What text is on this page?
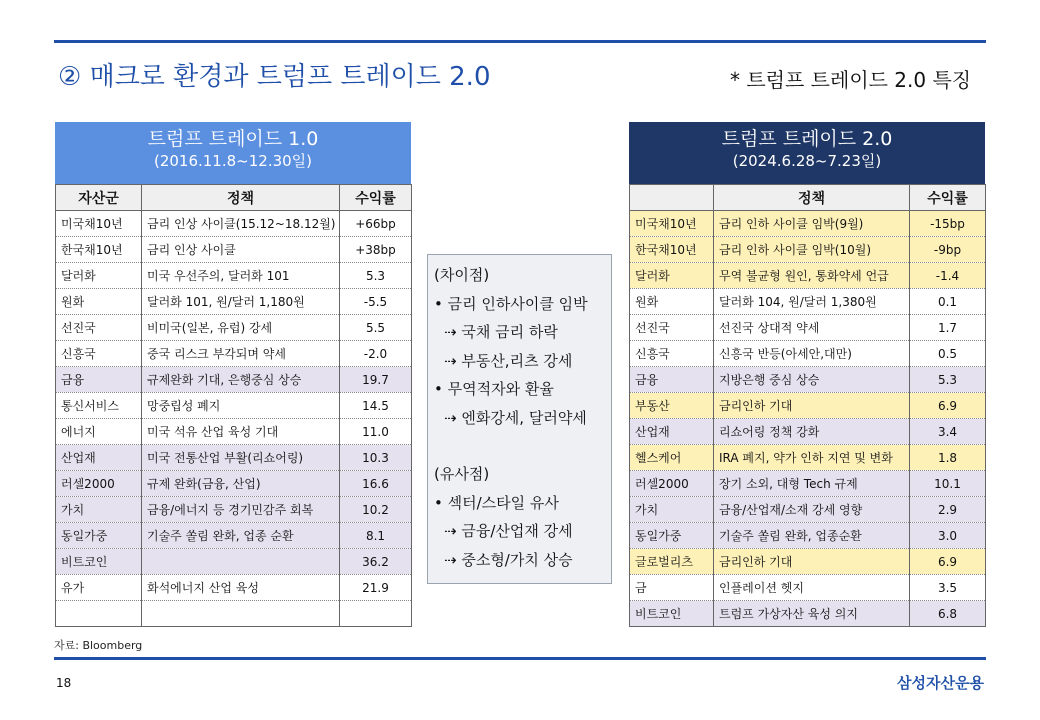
② 매크로 환경과 트럼프 트레이드 2.0	* 트럼프 트레이드 2.0 특징
트럼프 트레이드 1.0
(2016.11.8~12.30일)
자산군	정책	수익률
미국채10년	금리 인상 사이클(15.12~18.12월)	+66bp
한국채10년	금리 인상 사이클	+38bp
달러화	미국 우선주의, 달러화 101	5.3
원화	달러화 101, 원/달러 1,180원	-5.5
선진국	비미국(일본, 유럽) 강세	5.5
신흥국	중국 리스크 부각되며 약세	-2.0
금융	규제완화 기대, 은행중심 상승	19.7
통신서비스	망중립성 폐지	14.5
에너지	미국 석유 산업 육성 기대	11.0
산업재	미국 전통산업 부활(리쇼어링)	10.3
러셀2000	규제 완화(금융, 산업)	16.6
가치	금융/에너지 등 경기민감주 회복	10.2
동일가중	기술주 쏠림 완화, 업종 순환	8.1
비트코인		36.2
유가	화석에너지 산업 육성	21.9

(차이점)
• 금리 인하사이클 임박
⇢ 국채 금리 하락
⇢ 부동산,리츠 강세
• 무역적자와 환율
⇢ 엔화강세, 달러약세
(유사점)
• 섹터/스타일 유사
⇢ 금융/산업재 강세
⇢ 중소형/가치 상승
트럼프 트레이드 2.0
(2024.6.28~7.23일)
	정책	수익률
미국채10년	금리 인하 사이클 임박(9월)	-15bp
한국채10년	금리 인하 사이클 임박(10월)	-9bp
달러화	무역 불균형 원인, 통화약세 언급	-1.4
원화	달러화 104, 원/달러 1,380원	0.1
선진국	선진국 상대적 약세	1.7
신흥국	신흥국 반등(아세안,대만)	0.5
금융	지방은행 중심 상승	5.3
부동산	금리인하 기대	6.9
산업재	리쇼어링 정책 강화	3.4
헬스케어	IRA 폐지, 약가 인하 지연 및 변화	1.8
러셀2000	장기 소외, 대형 Tech 규제	10.1
가치	금융/산업재/소재 강세 영향	2.9
동일가중	기술주 쏠림 완화, 업종순환	3.0
글로벌리츠	금리인하 기대	6.9
금	인플레이션 헷지	3.5
비트코인	트럼프 가상자산 육성 의지	6.8
자료: Bloomberg
18	삼성자산운용
